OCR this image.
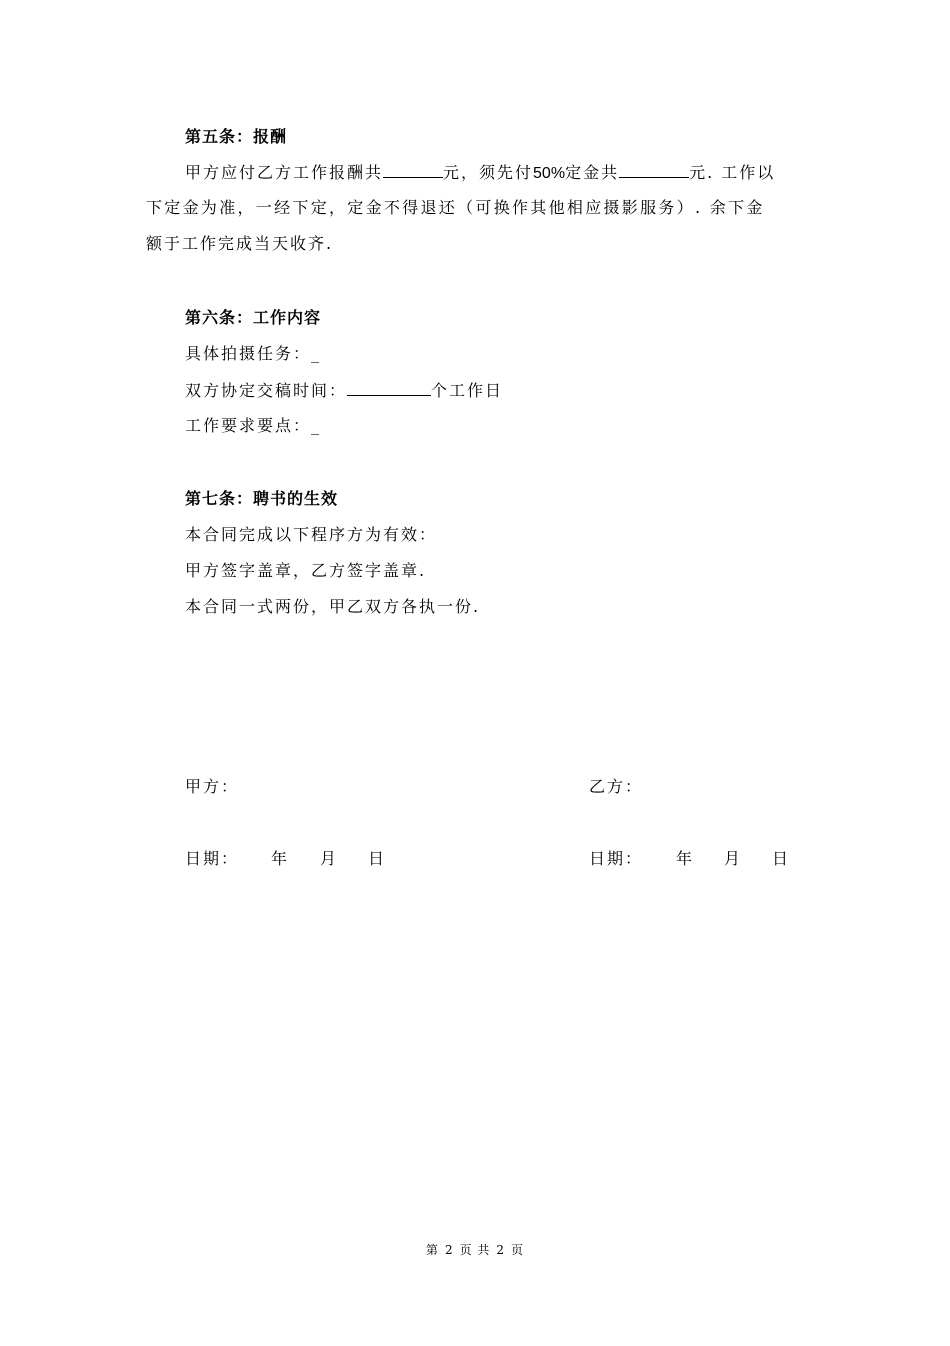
第五条：报酬
甲方应付乙方工作报酬共	元，须先付50%定金共	元. 工作以
下定金为准，一经下定，定金不得退还（可换作其他相应摄影服务）. 余下金
额于工作完成当天收齐.
第六条：工作内容
具体拍摄任务：_
双方协定交稿时间：	个工作日
工作要求要点：_
第七条：聘书的生效
本合同完成以下程序方为有效：
甲方签字盖章，乙方签字盖章.
本合同一式两份，甲乙双方各执一份.
甲方：	乙方：
日期： 年 月 日	日期： 年 月 日
第 2 页 共 2 页
